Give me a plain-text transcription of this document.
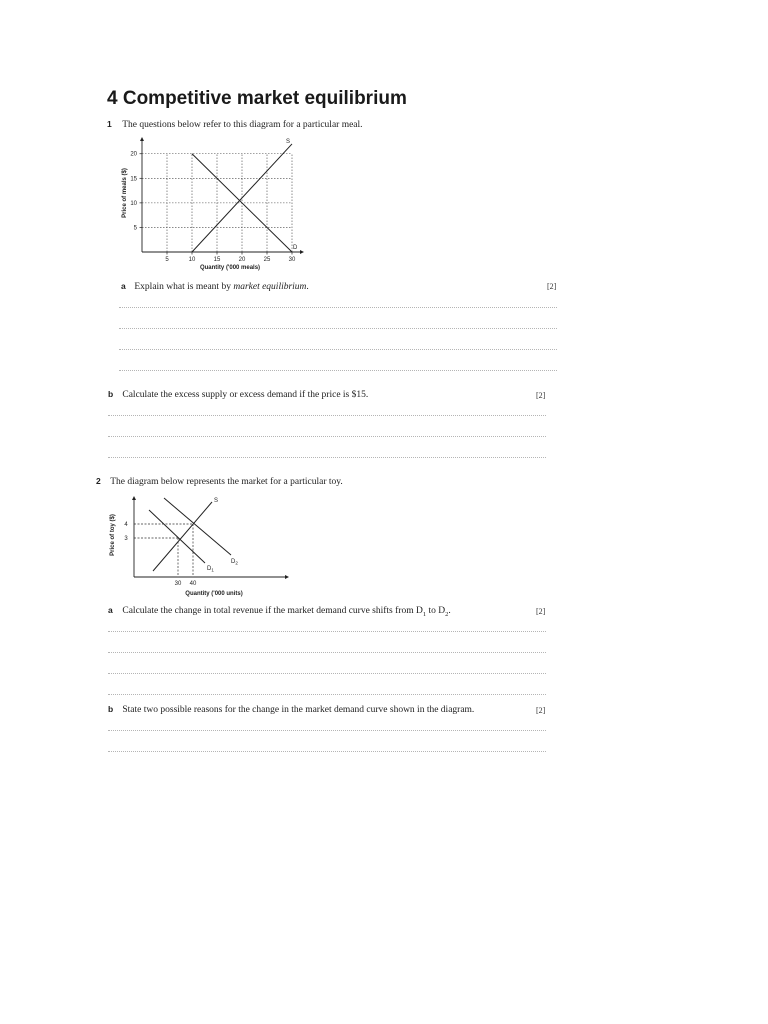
4 Competitive market equilibrium
1 The questions below refer to this diagram for a particular meal.
Price of meals ($)
5	10	15	20	25	30
5
10
15
20
S
D
Quantity ('000 meals)
a Explain what is meant by market equilibrium.	[2]
b Calculate the excess supply or excess demand if the price is $15.	[2]
2 The diagram below represents the market for a particular toy.
Price of toy ($)
S
$D_1$
$D_2$
4
3
30 40
Quantity ('000 units)
a Calculate the change in total revenue if the market demand curve shifts from $D_1$ to $D_2$.	[2]
b State two possible reasons for the change in the market demand curve shown in the diagram.	[2]
